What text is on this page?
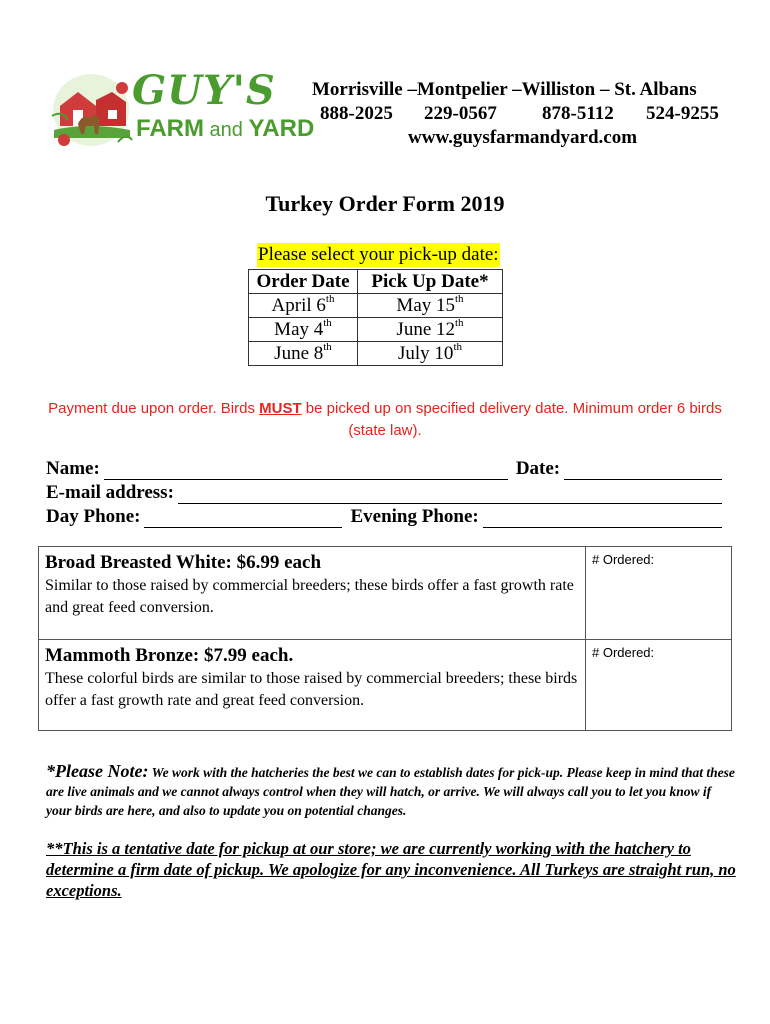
GUY'S
FARM and YARD
Morrisville –Montpelier –Williston – St. Albans
888-2025	229-0567	878-5112	524-9255
www.guysfarmandyard.com
Turkey Order Form 2019
Please select your pick-up date:
Order Date	Pick Up Date*
April 6th	May 15th
May 4th	June 12th
June 8th	July 10th
Payment due upon order. Birds MUST be picked up on specified delivery date. Minimum order 6 birds (state law).
Name:	Date:
E-mail address:
Day Phone:	Evening Phone:
Broad Breasted White: $6.99 each
Similar to those raised by commercial breeders; these birds offer a fast growth rate and great feed conversion.	# Ordered:

Mammoth Bronze: $7.99 each.
These colorful birds are similar to those raised by commercial breeders; these birds offer a fast growth rate and great feed conversion.	# Ordered:
*Please Note: We work with the hatcheries the best we can to establish dates for pick-up. Please keep in mind that these are live animals and we cannot always control when they will hatch, or arrive. We will always call you to let you know if your birds are here, and also to update you on potential changes.
**This is a tentative date for pickup at our store; we are currently working with the hatchery to determine a firm date of pickup. We apologize for any inconvenience. All Turkeys are straight run, no exceptions.
